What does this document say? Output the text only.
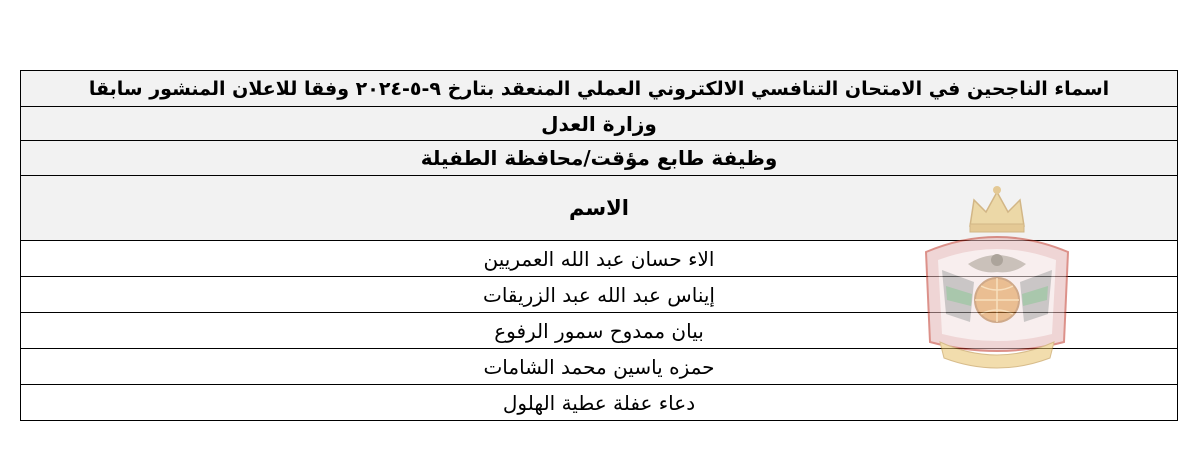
اسماء الناجحين في الامتحان التنافسي الالكتروني العملي المنعقد بتارخ ٩-٥-٢٠٢٤ وفقا للاعلان المنشور سابقا
وزارة العدل
وظيفة طابع مؤقت/محافظة الطفيلة
الاسم
الاء حسان عبد الله العمريين
إيناس عبد الله عبد الزريقات
بيان ممدوح سمور الرفوع
حمزه ياسين محمد الشامات
دعاء عفلة عطية الهلول
